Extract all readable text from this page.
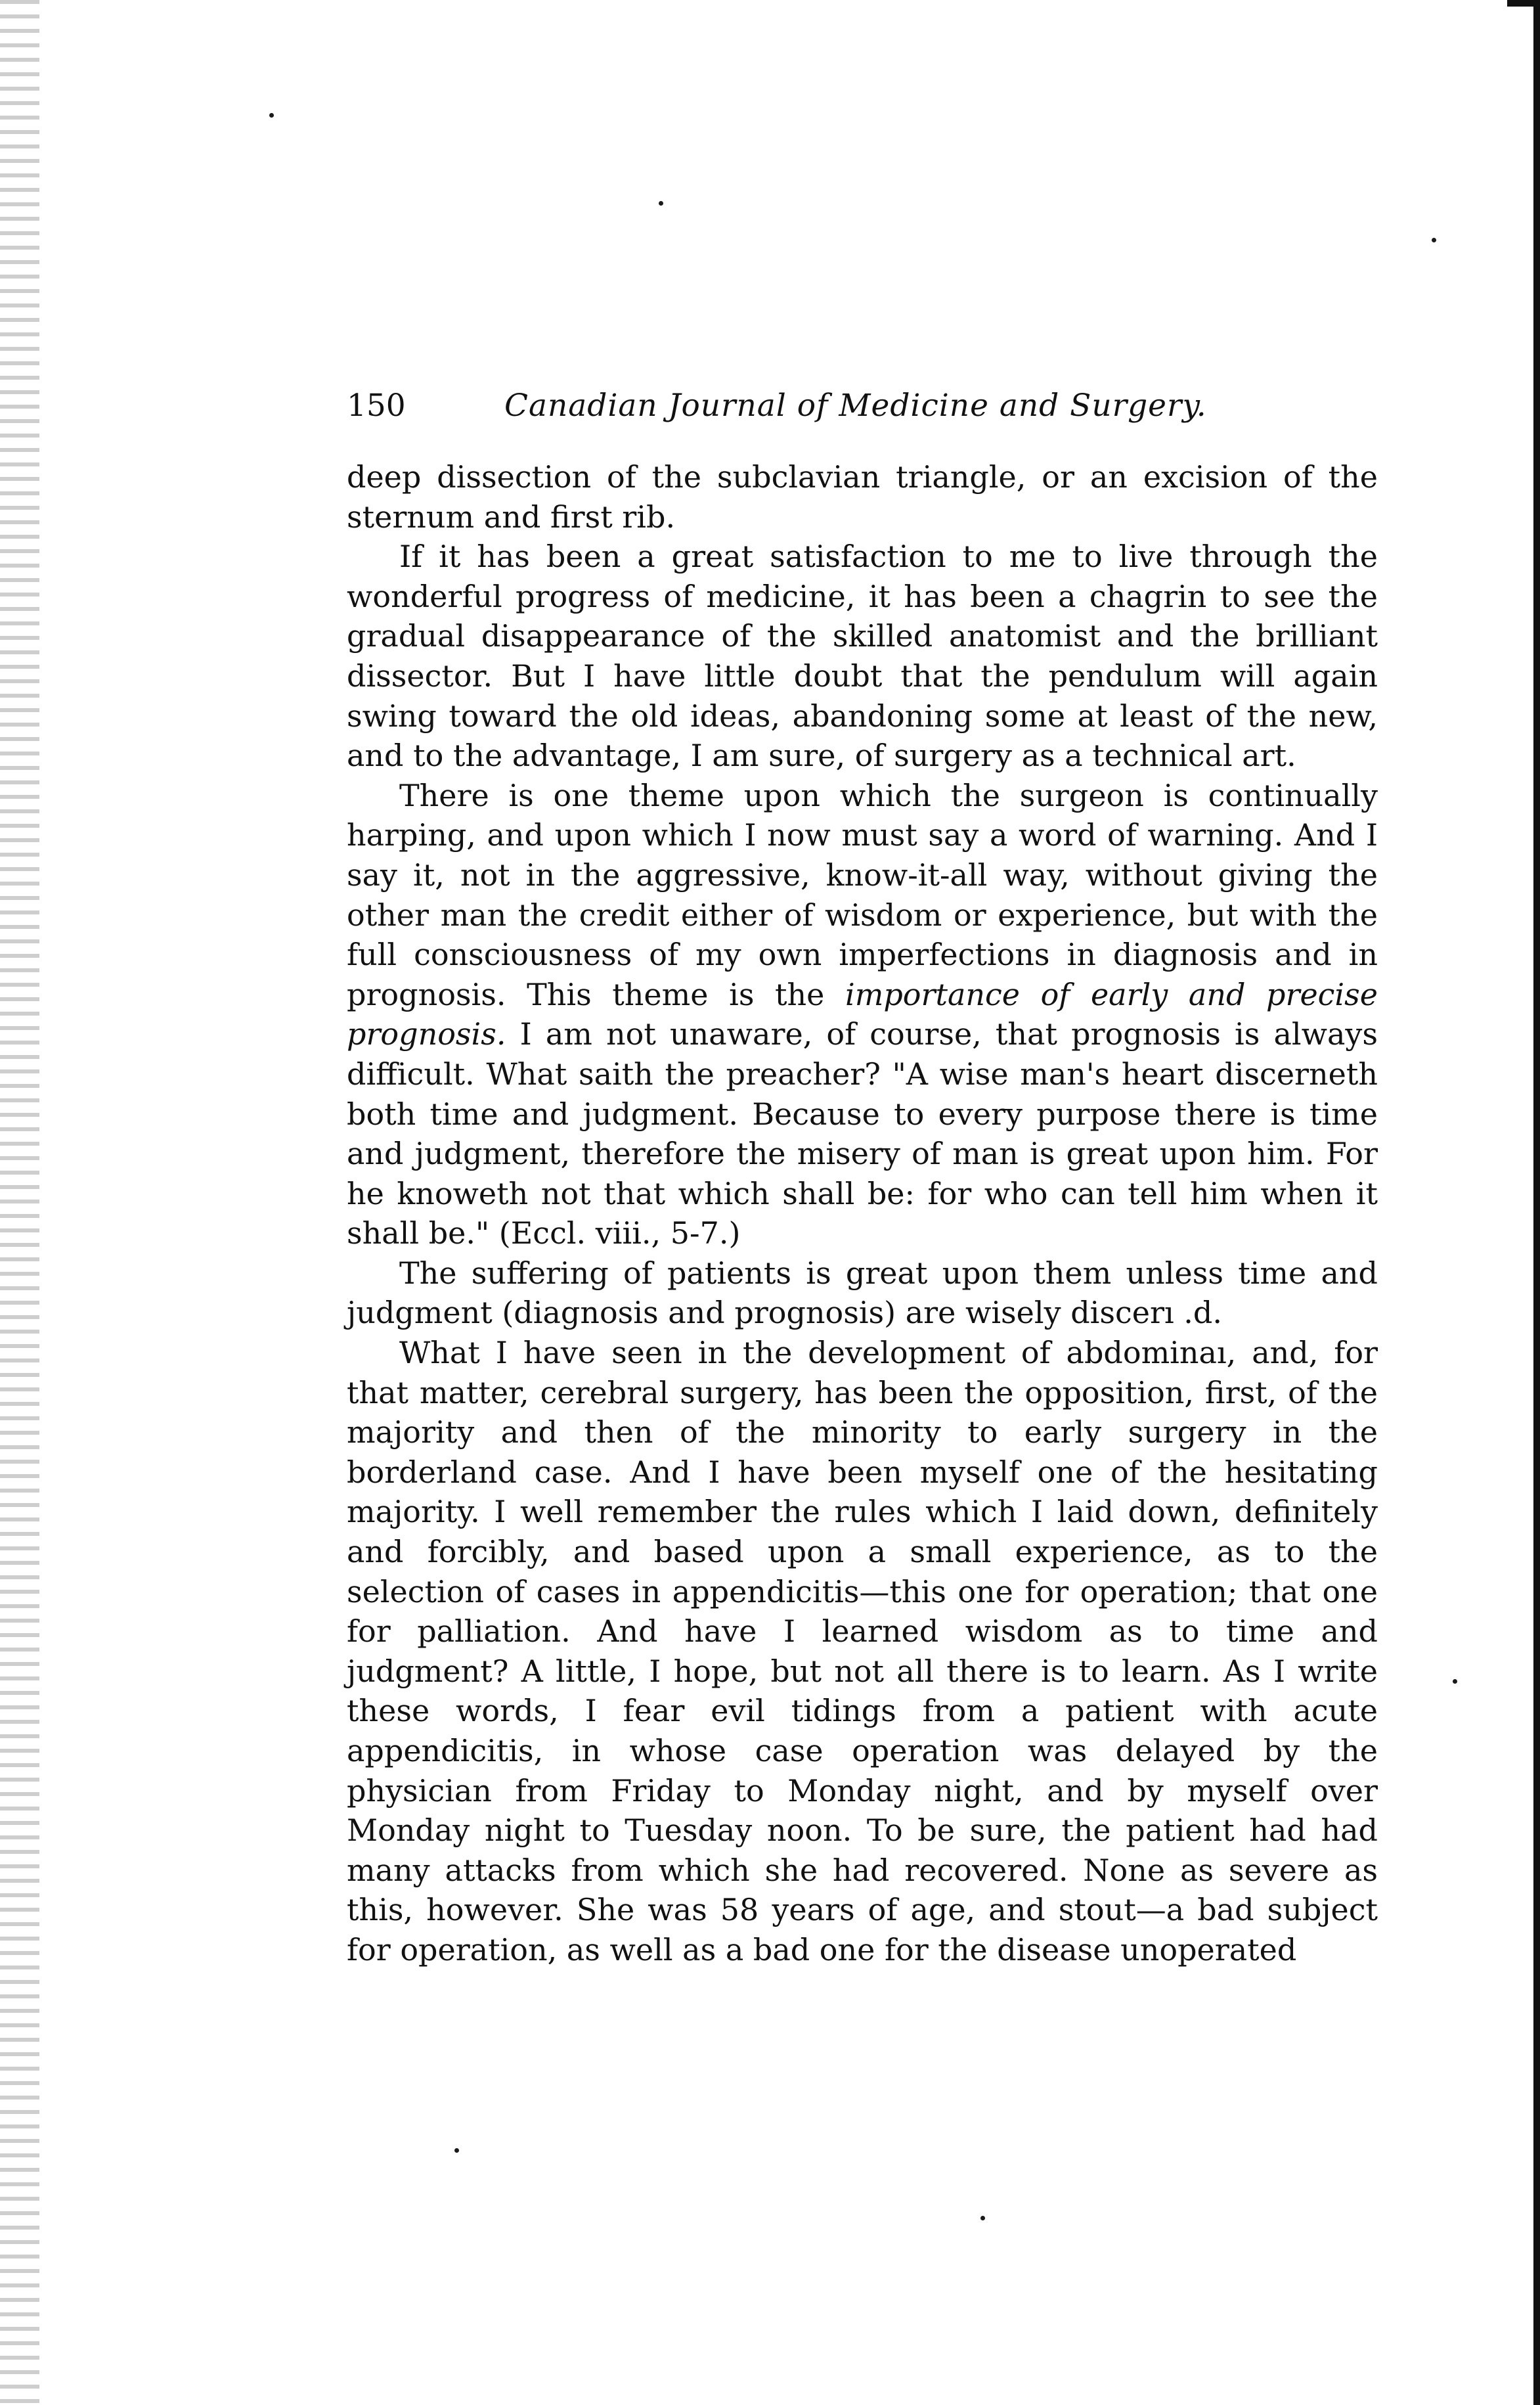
150	Canadian Journal of Medicine and Surgery.

deep dissection of the subclavian triangle, or an excision of the sternum and first rib.

If it has been a great satisfaction to me to live through the wonderful progress of medicine, it has been a chagrin to see the gradual disappearance of the skilled anatomist and the brilliant dissector. But I have little doubt that the pendulum will again swing toward the old ideas, abandoning some at least of the new, and to the advantage, I am sure, of surgery as a technical art.

There is one theme upon which the surgeon is continually harping, and upon which I now must say a word of warning. And I say it, not in the aggressive, know-it-all way, without giving the other man the credit either of wisdom or experience, but with the full consciousness of my own imperfections in diagnosis and in prognosis. This theme is the importance of early and precise prognosis. I am not unaware, of course, that prognosis is always difficult. What saith the preacher? "A wise man's heart discerneth both time and judgment. Because to every purpose there is time and judgment, therefore the misery of man is great upon him. For he knoweth not that which shall be: for who can tell him when it shall be." (Eccl. viii., 5-7.)

The suffering of patients is great upon them unless time and judgment (diagnosis and prognosis) are wisely discerı .d.

What I have seen in the development of abdominaı, and, for that matter, cerebral surgery, has been the opposition, first, of the majority and then of the minority to early surgery in the borderland case. And I have been myself one of the hesitating majority. I well remember the rules which I laid down, definitely and forcibly, and based upon a small experience, as to the selection of cases in appendicitis—this one for operation; that one for palliation. And have I learned wisdom as to time and judgment? A little, I hope, but not all there is to learn. As I write these words, I fear evil tidings from a patient with acute appendicitis, in whose case operation was delayed by the physician from Friday to Monday night, and by myself over Monday night to Tuesday noon. To be sure, the patient had had many attacks from which she had recovered. None as severe as this, however. She was 58 years of age, and stout—a bad subject for operation, as well as a bad one for the disease unoperated
